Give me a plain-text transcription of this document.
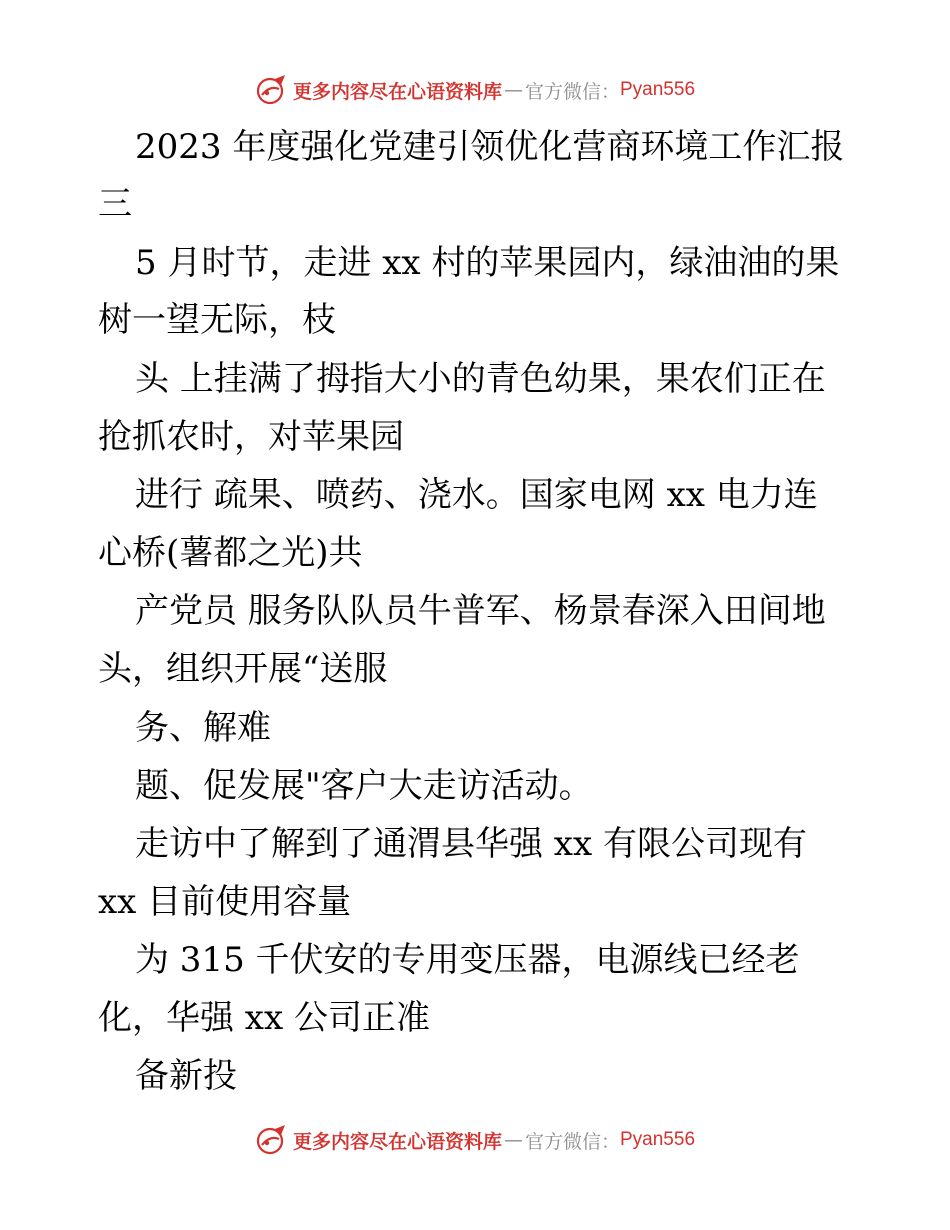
更多内容尽在心语资料库 — 官方微信： Pyan556
2023 年度强化党建引领优化营商环境工作汇报
三
5 月时节，走进 xx 村的苹果园内，绿油油的果
树一望无际，枝
头 上挂满了拇指大小的青色幼果，果农们正在
抢抓农时，对苹果园
进行 疏果、喷药、浇水。国家电网 xx 电力连
心桥(薯都之光)共
产党员 服务队队员牛普军、杨景春深入田间地
头，组织开展“送服
务、解难
题、促发展"客户大走访活动。
走访中了解到了通渭县华强 xx 有限公司现有
xx 目前使用容量
为 315 千伏安的专用变压器，电源线已经老
化，华强 xx 公司正准
备新投
更多内容尽在心语资料库 — 官方微信： Pyan556
